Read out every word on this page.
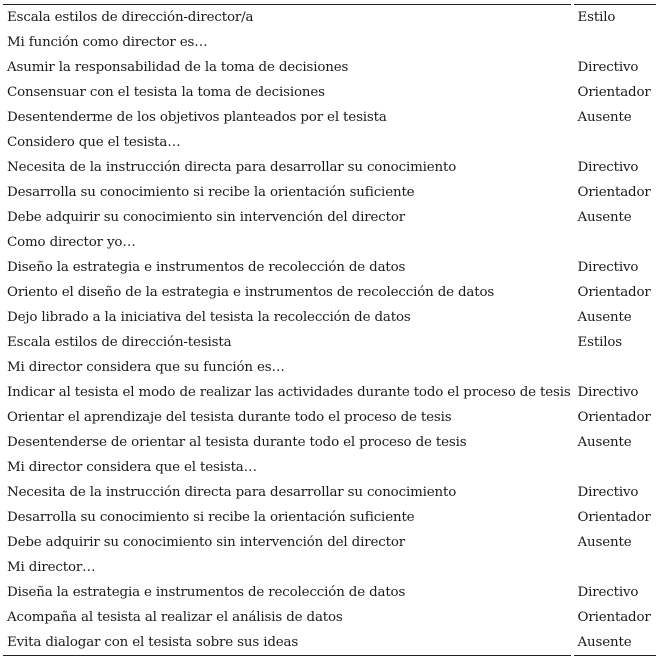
Escala estilos de dirección-director/a	Estilo
Mi función como director es…	
Asumir la responsabilidad de la toma de decisiones	Directivo
Consensuar con el tesista la toma de decisiones	Orientador
Desentenderme de los objetivos planteados por el tesista	Ausente
Considero que el tesista…	
Necesita de la instrucción directa para desarrollar su conocimiento	Directivo
Desarrolla su conocimiento si recibe la orientación suficiente	Orientador
Debe adquirir su conocimiento sin intervención del director	Ausente
Como director yo…	
Diseño la estrategia e instrumentos de recolección de datos	Directivo
Oriento el diseño de la estrategia e instrumentos de recolección de datos	Orientador
Dejo librado a la iniciativa del tesista la recolección de datos	Ausente
Escala estilos de dirección-tesista	Estilos
Mi director considera que su función es…	
Indicar al tesista el modo de realizar las actividades durante todo el proceso de tesis	Directivo
Orientar el aprendizaje del tesista durante todo el proceso de tesis	Orientador
Desentenderse de orientar al tesista durante todo el proceso de tesis	Ausente
Mi director considera que el tesista…	
Necesita de la instrucción directa para desarrollar su conocimiento	Directivo
Desarrolla su conocimiento si recibe la orientación suficiente	Orientador
Debe adquirir su conocimiento sin intervención del director	Ausente
Mi director…	
Diseña la estrategia e instrumentos de recolección de datos	Directivo
Acompaña al tesista al realizar el análisis de datos	Orientador
Evita dialogar con el tesista sobre sus ideas	Ausente
